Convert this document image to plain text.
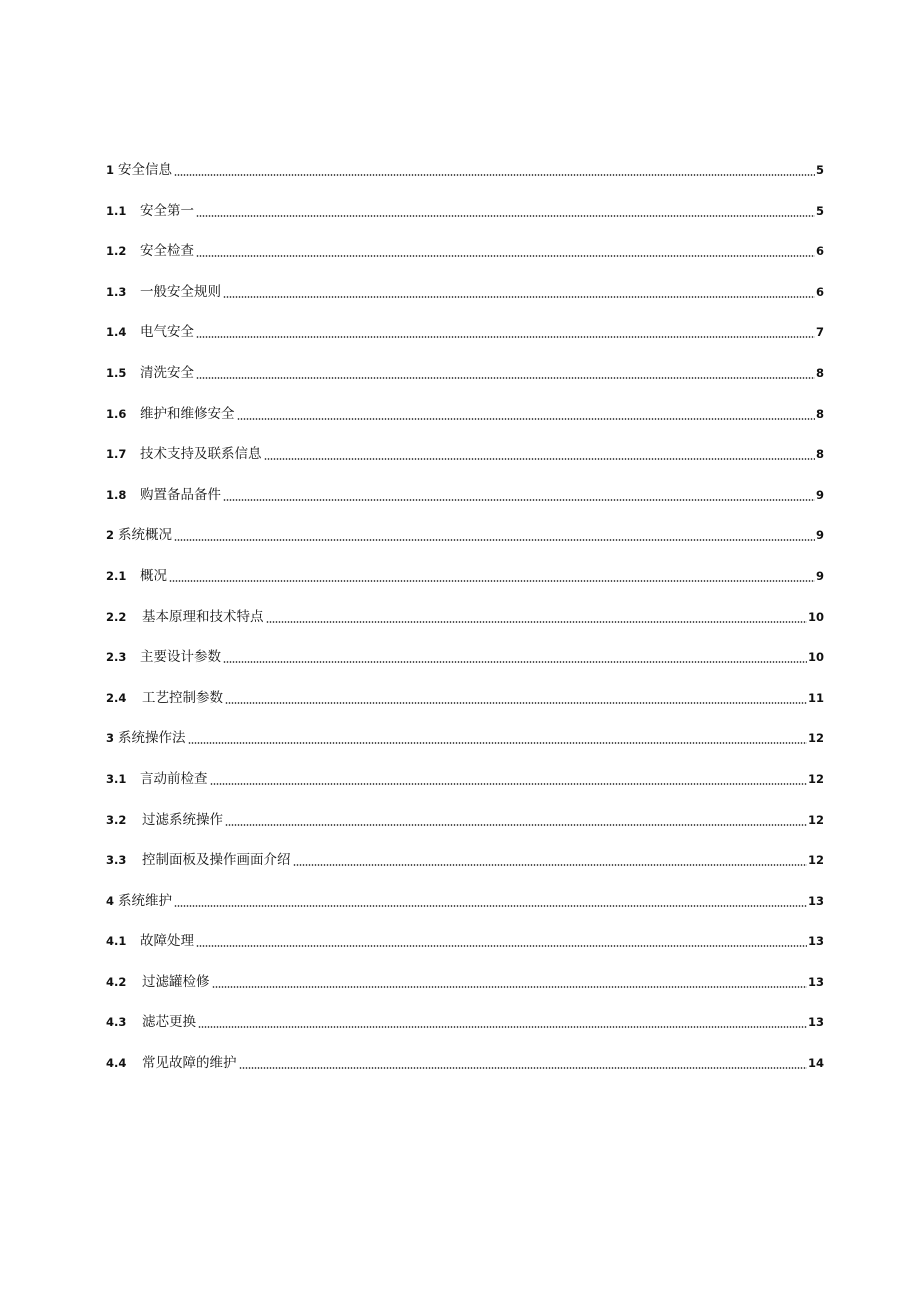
1 安全信息	5
1.1	安全第一	5
1.2	安全检查	6
1.3	一般安全规则	6
1.4	电气安全	7
1.5	清洗安全	8
1.6	维护和维修安全	8
1.7	技术支持及联系信息	8
1.8	购置备品备件	9
2 系统概况	9
2.1	概况	9
2.2	基本原理和技术特点	10
2.3	主要设计参数	10
2.4	工艺控制参数	11
3 系统操作法	12
3.1	言动前检查	12
3.2	过滤系统操作	12
3.3	控制面板及操作画面介绍	12
4 系统维护	13
4.1	故障处理	13
4.2	过滤罐检修	13
4.3	滤芯更换	13
4.4	常见故障的维护	14
